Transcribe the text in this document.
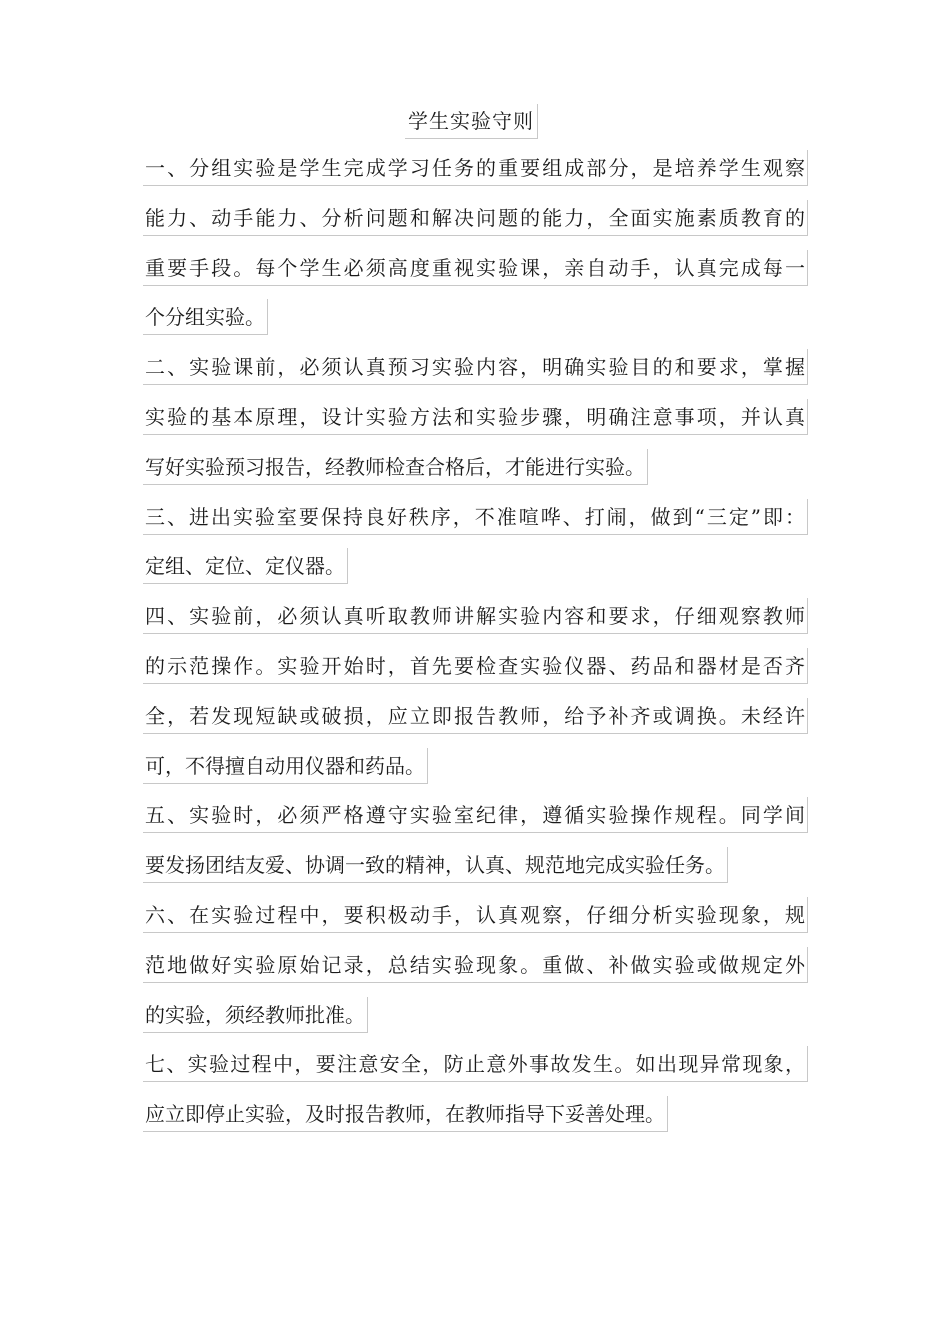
学生实验守则
一、分组实验是学生完成学习任务的重要组成部分，是培养学生观察
能力、动手能力、分析问题和解决问题的能力，全面实施素质教育的
重要手段。每个学生必须高度重视实验课，亲自动手，认真完成每一
个分组实验。
二、实验课前，必须认真预习实验内容，明确实验目的和要求，掌握
实验的基本原理，设计实验方法和实验步骤，明确注意事项，并认真
写好实验预习报告，经教师检查合格后，才能进行实验。
三、进出实验室要保持良好秩序，不准喧哗、打闹，做到“三定”即：
定组、定位、定仪器。
四、实验前，必须认真听取教师讲解实验内容和要求，仔细观察教师
的示范操作。实验开始时，首先要检查实验仪器、药品和器材是否齐
全，若发现短缺或破损，应立即报告教师，给予补齐或调换。未经许
可，不得擅自动用仪器和药品。
五、实验时，必须严格遵守实验室纪律，遵循实验操作规程。同学间
要发扬团结友爱、协调一致的精神，认真、规范地完成实验任务。
六、在实验过程中，要积极动手，认真观察，仔细分析实验现象，规
范地做好实验原始记录，总结实验现象。重做、补做实验或做规定外
的实验，须经教师批准。
七、实验过程中，要注意安全，防止意外事故发生。如出现异常现象，
应立即停止实验，及时报告教师，在教师指导下妥善处理。
